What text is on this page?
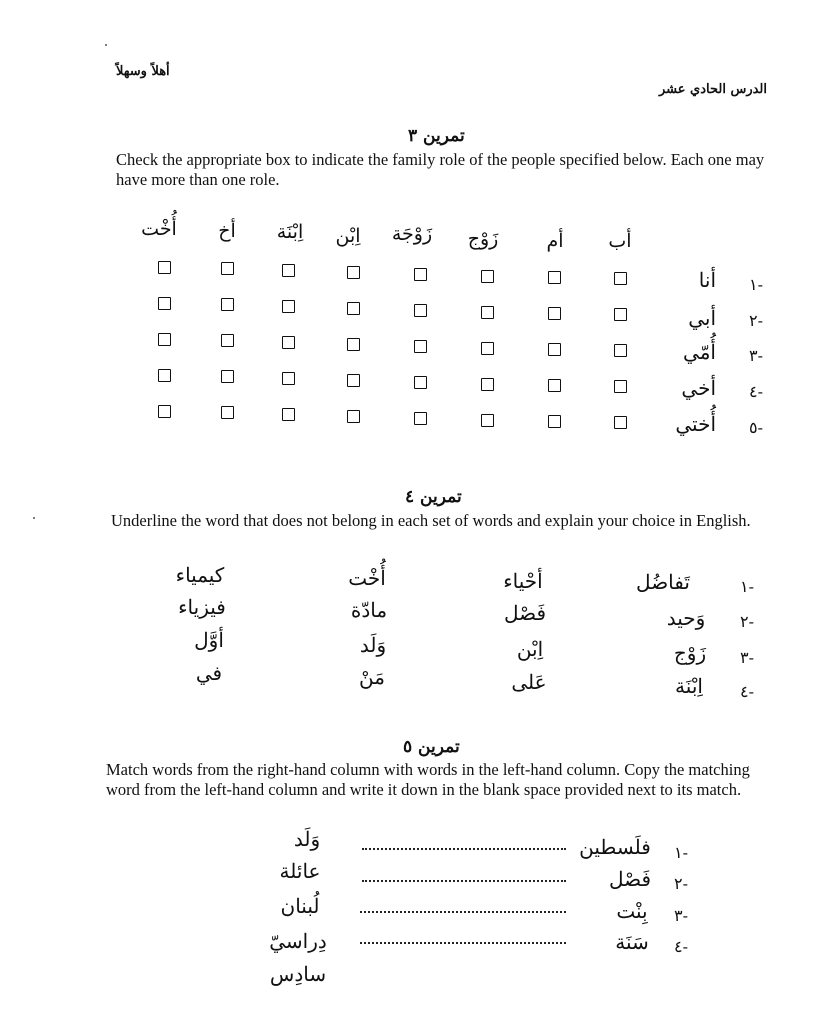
أهلاً وسهلاً
الدرس الحادي عشر
تمرين ٣
Check the appropriate box to indicate the family role of the people specified below. Each one may have more than one role.
أب
أم
زَوْج
زَوْجَة
اِبْن
اِبْنَة
أخ
أُخْت
١-
أنا
٢-
أبي
٣-
أُمّي
٤-
أخي
٥-
أُختي
تمرين ٤
Underline the word that does not belong in each set of words and explain your choice in English.
١-
تَفاضُل
أحْياء
أُخْت
كيمياء
٢-
وَحيد
فَصْل
مادّة
فيزياء
٣-
زَوْج
اِبْن
وَلَد
أوَّل
٤-
اِبْنَة
عَلى
مَنْ
في
تمرين ٥
Match words from the right-hand column with words in the left-hand column. Copy the matching word from the left-hand column and write it down in the blank space provided next to its match.
١-
فلَسطين
٢-
فَصْل
٣-
بِنْت
٤-
سَنَة
وَلَد
عائلة
لُبنان
دِراسيّ
سادِس
